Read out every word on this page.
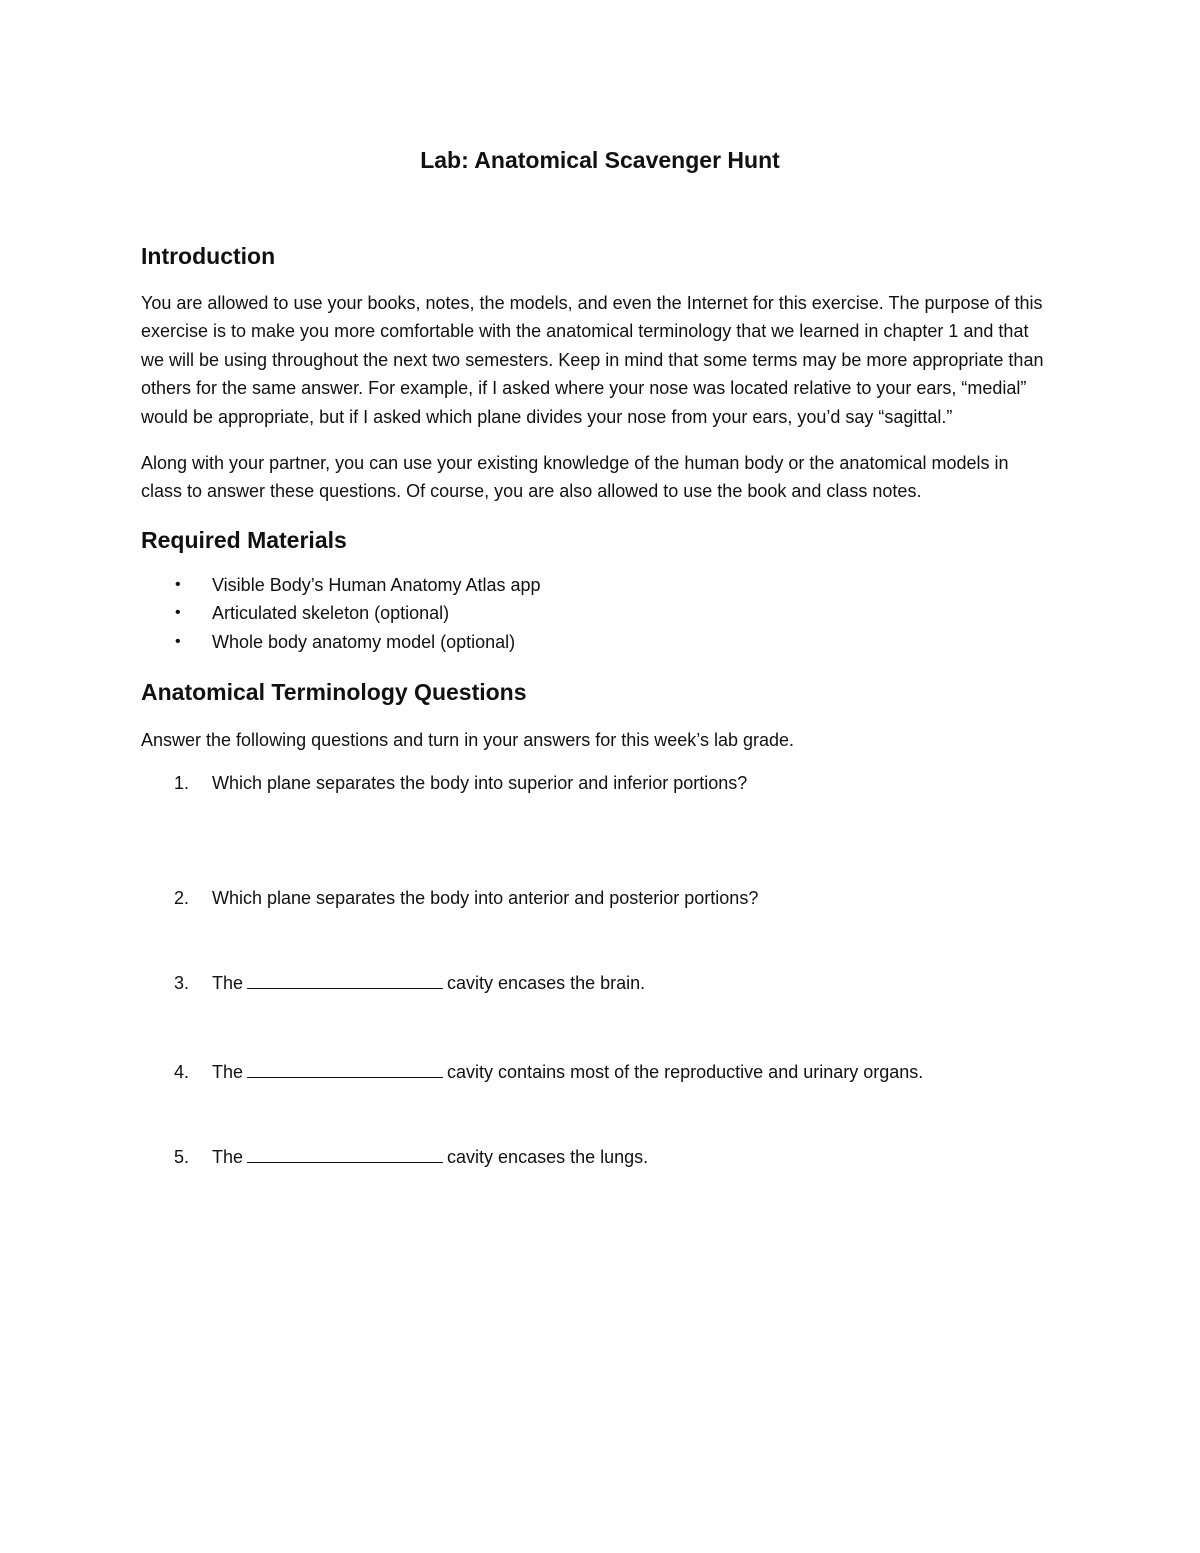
Lab: Anatomical Scavenger Hunt
Introduction

You are allowed to use your books, notes, the models, and even the Internet for this exercise. The purpose of this exercise is to make you more comfortable with the anatomical terminology that we learned in chapter 1 and that we will be using throughout the next two semesters. Keep in mind that some terms may be more appropriate than others for the same answer. For example, if I asked where your nose was located relative to your ears, “medial” would be appropriate, but if I asked which plane divides your nose from your ears, you’d say “sagittal.”

Along with your partner, you can use your existing knowledge of the human body or the anatomical models in class to answer these questions. Of course, you are also allowed to use the book and class notes.

Required Materials
• Visible Body’s Human Anatomy Atlas app
• Articulated skeleton (optional)
• Whole body anatomy model (optional)
Anatomical Terminology Questions

Answer the following questions and turn in your answers for this week’s lab grade.

1. Which plane separates the body into superior and inferior portions?
2. Which plane separates the body into anterior and posterior portions?
3. The	cavity encases the brain.
4. The	cavity contains most of the reproductive and urinary organs.
5. The	cavity encases the lungs.
